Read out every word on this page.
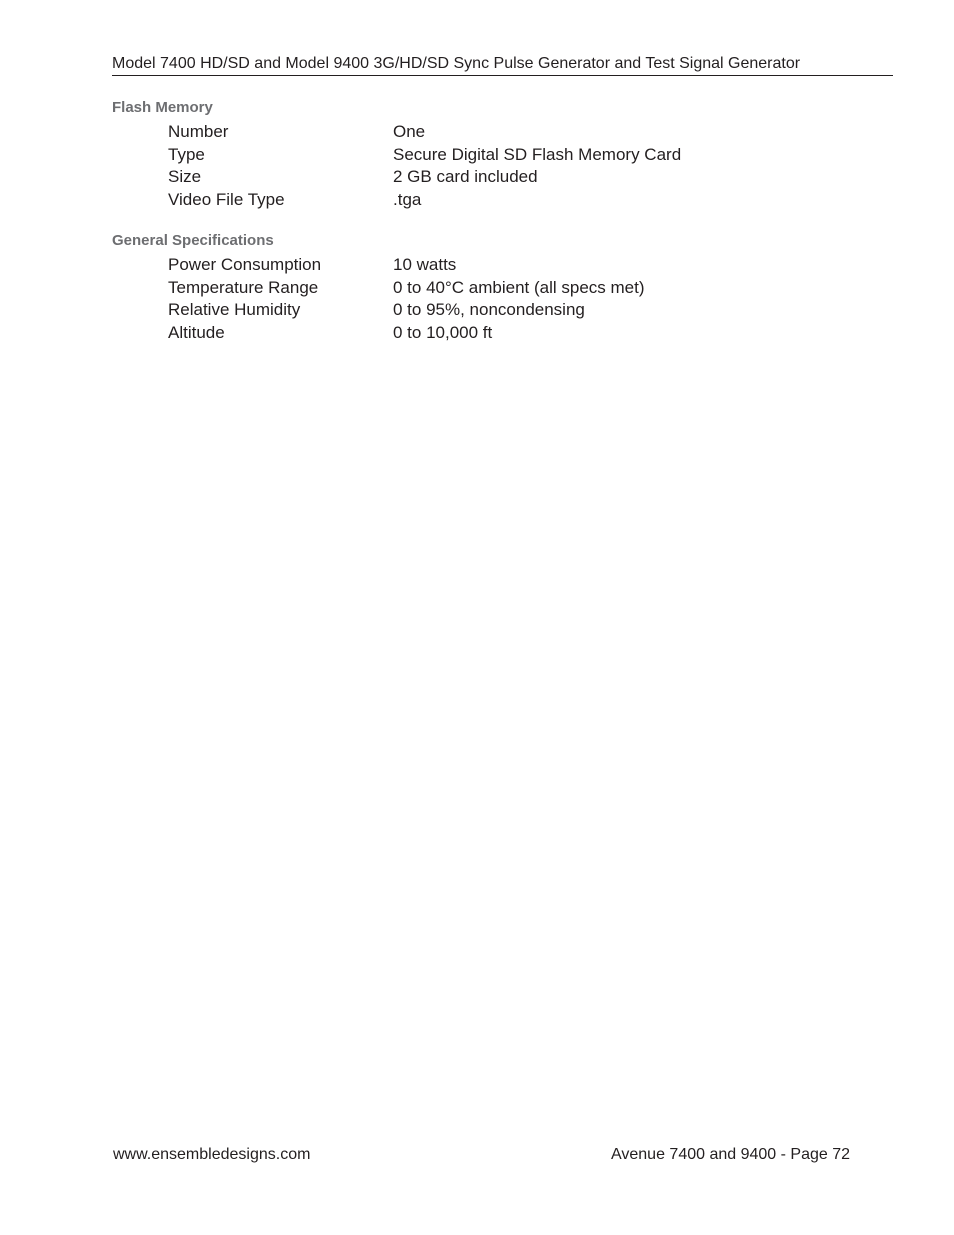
Model 7400 HD/SD and Model 9400 3G/HD/SD Sync Pulse Generator and Test Signal Generator
Flash Memory
Number	One
Type	Secure Digital SD Flash Memory Card
Size	2 GB card included
Video File Type	.tga
General Specifications
Power Consumption	10 watts
Temperature Range	0 to 40°C ambient (all specs met)
Relative Humidity	0 to 95%, noncondensing
Altitude	0 to 10,000 ft
www.ensembledesigns.com	Avenue 7400 and 9400 - Page 72
